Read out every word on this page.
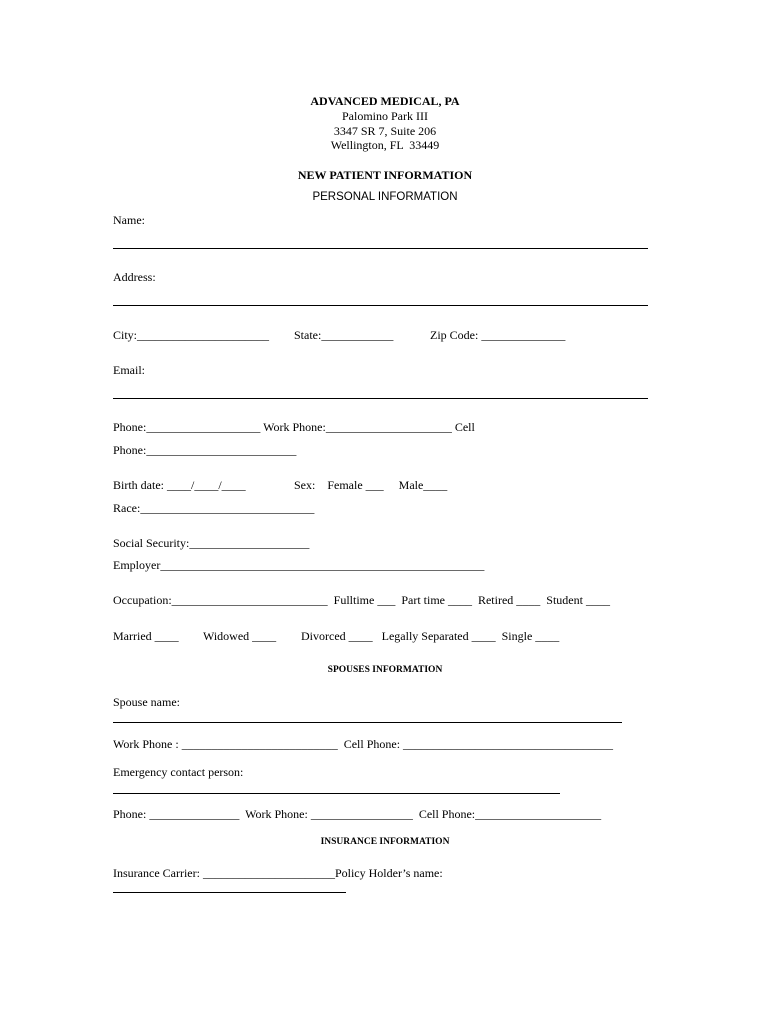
ADVANCED MEDICAL, PA
Palomino Park III
3347 SR 7, Suite 206
Wellington, FL  33449
NEW PATIENT INFORMATION
PERSONAL INFORMATION
Name:
Address:
City:______________________ State:____________	Zip Code: ______________
Email:
Phone:___________________ Work Phone:_____________________ Cell
Phone:_________________________
Birth date: ____/____/____	Sex:    Female ___     Male____
Race:_____________________________
Social Security:____________________
Employer______________________________________________________
Occupation:__________________________  Fulltime ___  Part time ____  Retired ____  Student ____
Married ____ Widowed ____ Divorced ____   Legally Separated ____  Single ____
SPOUSES INFORMATION
Spouse name:
Work Phone : __________________________  Cell Phone: ___________________________________
Emergency contact person:
Phone: _______________  Work Phone: _________________  Cell Phone:_____________________
INSURANCE INFORMATION
Insurance Carrier: ______________________Policy Holder’s name:
